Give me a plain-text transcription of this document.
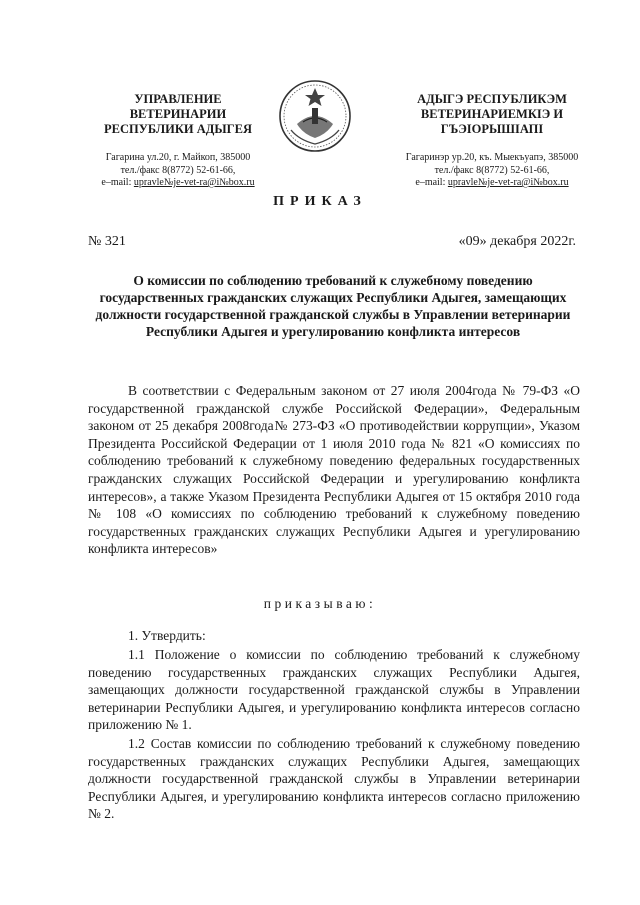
УПРАВЛЕНИЕ
ВЕТЕРИНАРИИ
РЕСПУБЛИКИ АДЫГЕЯ
АДЫГЭ РЕСПУБЛИКЭМ
ВЕТЕРИНАРИЕМКIЭ И
ГЪЭIОРЫШIАПI
Гагарина ул.20, г. Майкоп, 385000
тел./факс 8(8772) 52-61-66,
e–mail: upravle№je-vet-ra@i№box.ru
Гагаринэр ур.20, къ. Мыекъуапэ, 385000
тел./факс 8(8772) 52-61-66,
e–mail: upravle№je-vet-ra@i№box.ru
ПРИКАЗ
№ 321	«09» декабря 2022г.
О комиссии по соблюдению требований к служебному поведению государственных гражданских служащих Республики Адыгея, замещающих должности государственной гражданской службы в Управлении ветеринарии Республики Адыгея и урегулированию конфликта интересов
В соответствии с Федеральным законом от 27 июля 2004года № 79-ФЗ «О государственной гражданской службе Российской Федерации», Федеральным законом от 25 декабря 2008года№ 273-ФЗ «О противодействии коррупции», Указом Президента Российской Федерации от 1 июля 2010 года № 821 «О комиссиях по соблюдению требований к служебному поведению федеральных государственных гражданских служащих Российской Федерации и урегулированию конфликта интересов», а также Указом Президента Республики Адыгея от 15 октября 2010 года № 108 «О комиссиях по соблюдению требований к служебному поведению государственных гражданских служащих Республики Адыгея и урегулированию конфликта интересов»
приказываю:
1. Утвердить:
1.1 Положение о комиссии по соблюдению требований к служебному поведению государственных гражданских служащих Республики Адыгея, замещающих должности государственной гражданской службы в Управлении ветеринарии Республики Адыгея, и урегулированию конфликта интересов согласно приложению № 1.
1.2 Состав комиссии по соблюдению требований к служебному поведению государственных гражданских служащих Республики Адыгея, замещающих должности государственной гражданской службы в Управлении ветеринарии Республики Адыгея, и урегулированию конфликта интересов согласно приложению № 2.
